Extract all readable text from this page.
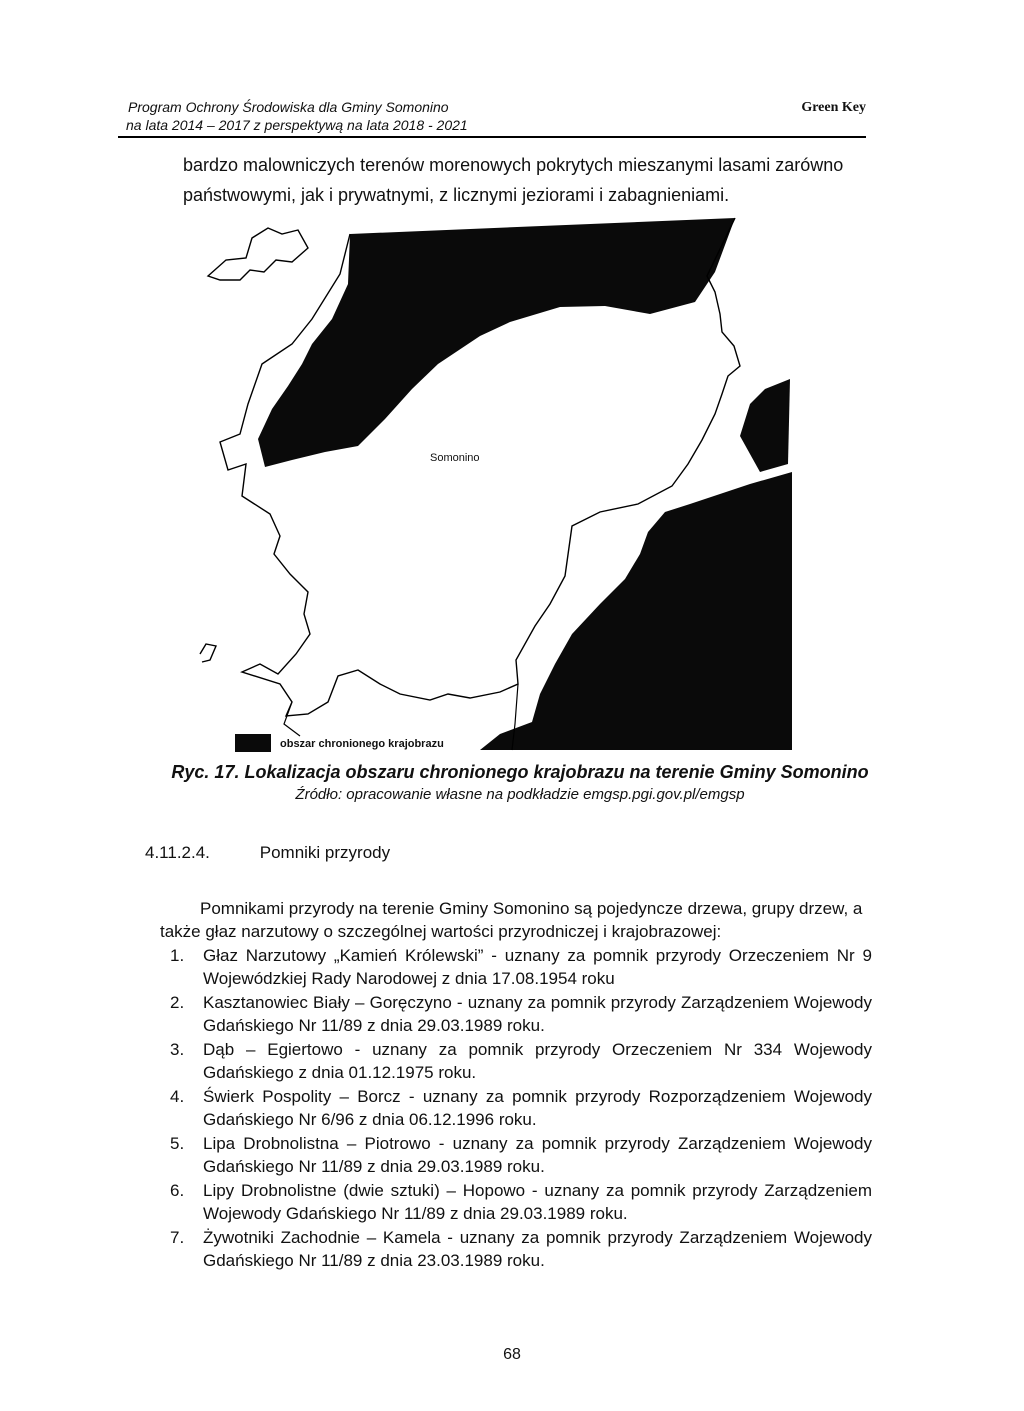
Program Ochrony Środowiska dla Gminy Somonino
na lata 2014 – 2017 z perspektywą na lata 2018 - 2021
Green Key

bardzo malowniczych terenów morenowych pokrytych mieszanymi lasami zarówno państwowymi, jak i prywatnymi, z licznymi jeziorami i zabagnieniami.

Somonino
obszar chronionego krajobrazu
Ryc. 17. Lokalizacja obszaru chronionego krajobrazu na terenie Gminy Somonino
Źródło: opracowanie własne na podkładzie emgsp.pgi.gov.pl/emgsp
4.11.2.4.	Pomniki przyrody

Pomnikami przyrody na terenie Gminy Somonino są pojedyncze drzewa, grupy drzew, a także głaz narzutowy o szczególnej wartości przyrodniczej i krajobrazowej:

1. Głaz Narzutowy „Kamień Królewski” - uznany za pomnik przyrody Orzeczeniem Nr 9 Wojewódzkiej Rady Narodowej z dnia 17.08.1954 roku
2. Kasztanowiec Biały – Goręczyno - uznany za pomnik przyrody Zarządzeniem Wojewody Gdańskiego Nr 11/89 z dnia 29.03.1989 roku.
3. Dąb – Egiertowo - uznany za pomnik przyrody Orzeczeniem Nr 334 Wojewody Gdańskiego z dnia 01.12.1975 roku.
4. Świerk Pospolity – Borcz - uznany za pomnik przyrody Rozporządzeniem Wojewody Gdańskiego Nr 6/96 z dnia 06.12.1996 roku.
5. Lipa Drobnolistna – Piotrowo - uznany za pomnik przyrody Zarządzeniem Wojewody Gdańskiego Nr 11/89 z dnia 29.03.1989 roku.
6. Lipy Drobnolistne (dwie sztuki) – Hopowo - uznany za pomnik przyrody Zarządzeniem Wojewody Gdańskiego Nr 11/89 z dnia 29.03.1989 roku.
7. Żywotniki Zachodnie – Kamela - uznany za pomnik przyrody Zarządzeniem Wojewody Gdańskiego Nr 11/89 z dnia 23.03.1989 roku.
68
